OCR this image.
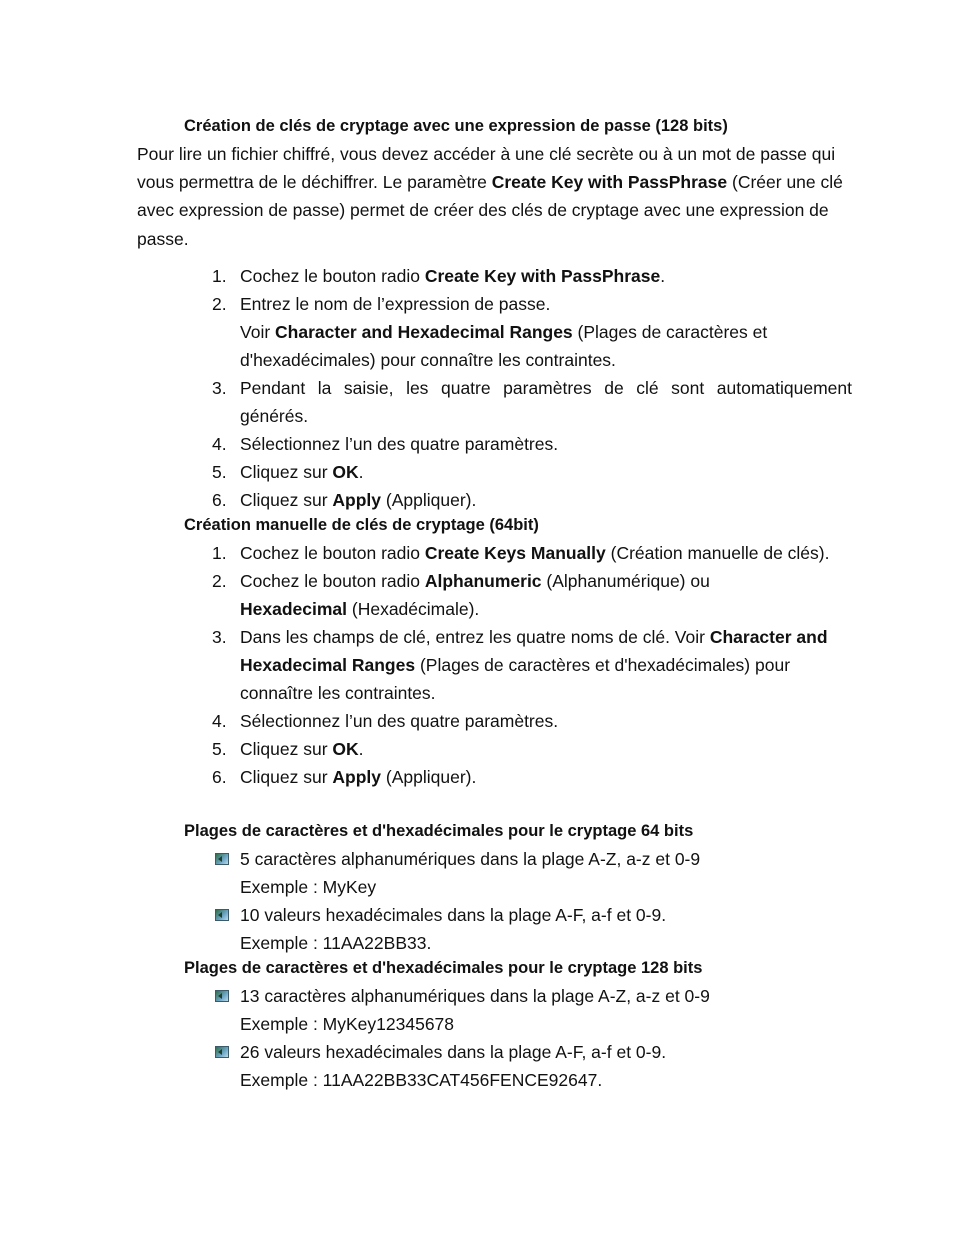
Création de clés de cryptage avec une expression de passe (128 bits)

Pour lire un fichier chiffré, vous devez accéder à une clé secrète ou à un mot de passe qui vous permettra de le déchiffrer. Le paramètre Create Key with PassPhrase (Créer une clé avec expression de passe) permet de créer des clés de cryptage avec une expression de passe.

1. Cochez le bouton radio Create Key with PassPhrase.
2. Entrez le nom de l’expression de passe.
Voir Character and Hexadecimal Ranges (Plages de caractères et d'hexadécimales) pour connaître les contraintes.
3. Pendant la saisie, les quatre paramètres de clé sont automatiquement générés.
4. Sélectionnez l’un des quatre paramètres.
5. Cliquez sur OK.
6. Cliquez sur Apply (Appliquer).
Création manuelle de clés de cryptage (64bit)
1. Cochez le bouton radio Create Keys Manually (Création manuelle de clés).
2. Cochez le bouton radio Alphanumeric (Alphanumérique) ou
Hexadecimal (Hexadécimale).
3. Dans les champs de clé, entrez les quatre noms de clé. Voir Character and Hexadecimal Ranges (Plages de caractères et d'hexadécimales) pour connaître les contraintes.
4. Sélectionnez l’un des quatre paramètres.
5. Cliquez sur OK.
6. Cliquez sur Apply (Appliquer).
Plages de caractères et d'hexadécimales pour le cryptage 64 bits
5 caractères alphanumériques dans la plage A-Z, a-z et 0-9
Exemple : MyKey
10 valeurs hexadécimales dans la plage A-F, a-f et 0-9.
Exemple : 11AA22BB33.
Plages de caractères et d'hexadécimales pour le cryptage 128 bits
13 caractères alphanumériques dans la plage A-Z, a-z et 0-9
Exemple : MyKey12345678
26 valeurs hexadécimales dans la plage A-F, a-f et 0-9.
Exemple : 11AA22BB33CAT456FENCE92647.
